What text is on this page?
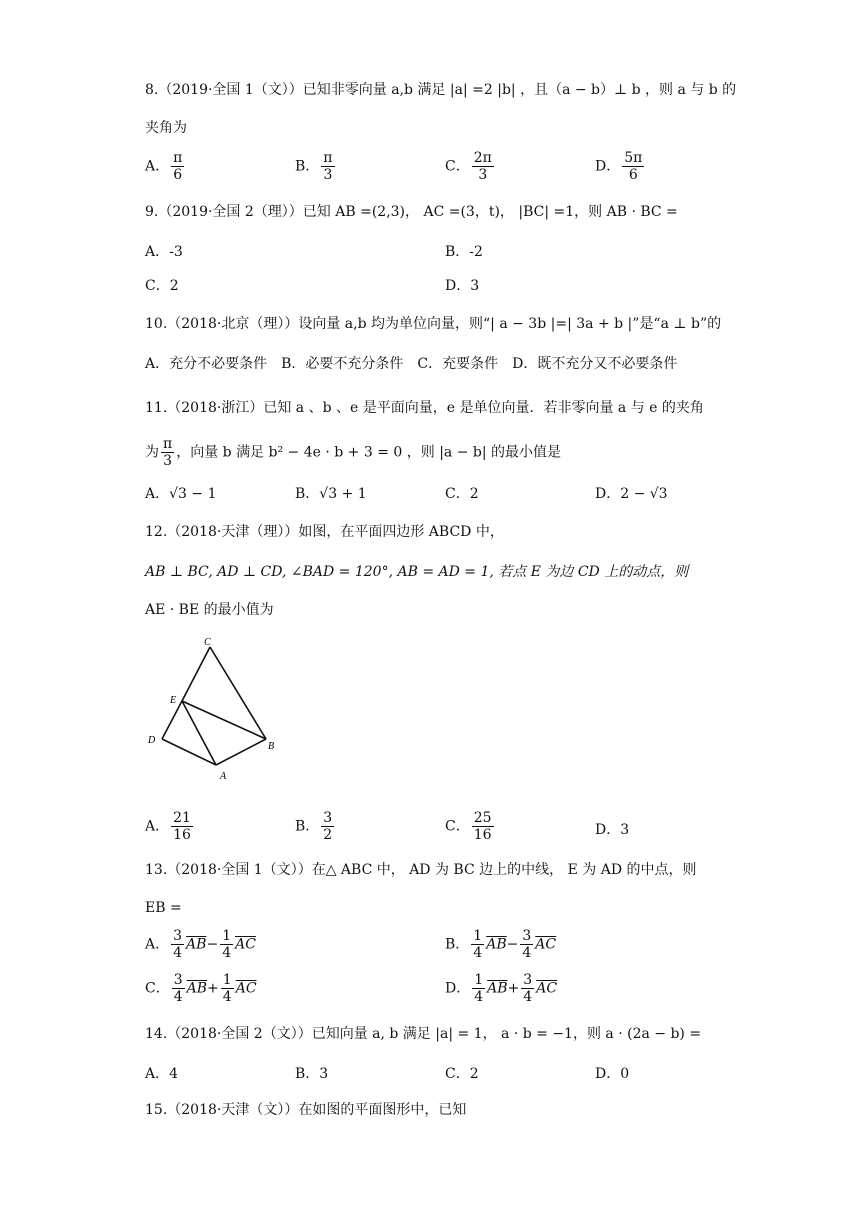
8.（2019·全国 1（文））已知非零向量 a,b 满足 |a| =2 |b| ，且（a − b）⊥ b ，则 a 与 b 的
夹角为
A． $\frac{\pi}{6}$	B． $\frac{\pi}{3}$	C． $\frac{2\pi}{3}$	D． $\frac{5\pi}{6}$
9.（2019·全国 2（理））已知 AB =(2,3)， AC =(3，t)， |BC| =1，则 AB · BC =
A．-3	B．-2
C．2	D．3
10.（2018·北京（理））设向量 a,b 均为单位向量，则“| a − 3b |=| 3a + b |”是“a ⊥ b”的
A．充分不必要条件　B．必要不充分条件　C．充要条件　D．既不充分又不必要条件
11.（2018·浙江）已知 a 、b 、e 是平面向量，e 是单位向量．若非零向量 a 与 e 的夹角
为 $\frac{\pi}{3}$ ，向量 b 满足 b² − 4e · b + 3 = 0 ，则 |a − b| 的最小值是
A．√3 − 1	B．√3 + 1	C．2	D．2 − √3
12.（2018·天津（理））如图，在平面四边形 ABCD 中，
AB ⊥ BC, AD ⊥ CD, ∠BAD = 120°, AB = AD = 1, 若点 E 为边 CD 上的动点，则
AE · BE 的最小值为
C
E
D
B
A
A． $\frac{21}{16}$	B． $\frac{3}{2}$	C． $\frac{25}{16}$	D．3
13.（2018·全国 1（文））在△ ABC 中， AD 为 BC 边上的中线， E 为 AD 的中点，则
EB =
A． $\frac{3}{4} \overline{AB}- \frac{1}{4} \overline{AC}$	B． $\frac{1}{4} \overline{AB}- \frac{3}{4} \overline{AC}$
C． $\frac{3}{4} \overline{AB}+ \frac{1}{4} \overline{AC}$	D． $\frac{1}{4} \overline{AB}+ \frac{3}{4} \overline{AC}$
14.（2018·全国 2（文））已知向量 a, b 满足 |a| = 1， a · b = −1，则 a · (2a − b) =
A．4	B．3	C．2	D．0
15.（2018·天津（文））在如图的平面图形中，已知
